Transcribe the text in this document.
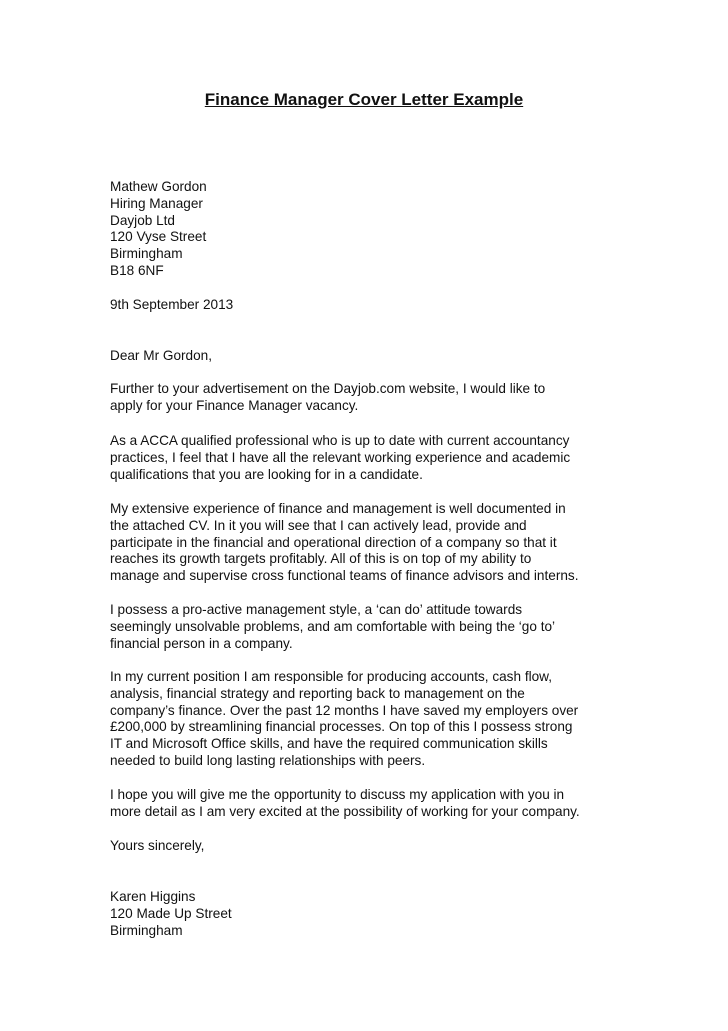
Finance Manager Cover Letter Example

Mathew Gordon

Hiring Manager

Dayjob Ltd

120 Vyse Street

Birmingham

B18 6NF

9th September 2013

Dear Mr Gordon,

Further to your advertisement on the Dayjob.com website, I would like to

apply for your Finance Manager vacancy.

As a ACCA qualified professional who is up to date with current accountancy

practices, I feel that I have all the relevant working experience and academic

qualifications that you are looking for in a candidate.

My extensive experience of finance and management is well documented in

the attached CV. In it you will see that I can actively lead, provide and

participate in the financial and operational direction of a company so that it

reaches its growth targets profitably. All of this is on top of my ability to

manage and supervise cross functional teams of finance advisors and interns.

I possess a pro-active management style, a ‘can do’ attitude towards

seemingly unsolvable problems, and am comfortable with being the ‘go to’

financial person in a company.

In my current position I am responsible for producing accounts, cash flow,

analysis, financial strategy and reporting back to management on the

company’s finance. Over the past 12 months I have saved my employers over

£200,000 by streamlining financial processes. On top of this I possess strong

IT and Microsoft Office skills, and have the required communication skills

needed to build long lasting relationships with peers.

I hope you will give me the opportunity to discuss my application with you in

more detail as I am very excited at the possibility of working for your company.

Yours sincerely,

Karen Higgins

120 Made Up Street

Birmingham
